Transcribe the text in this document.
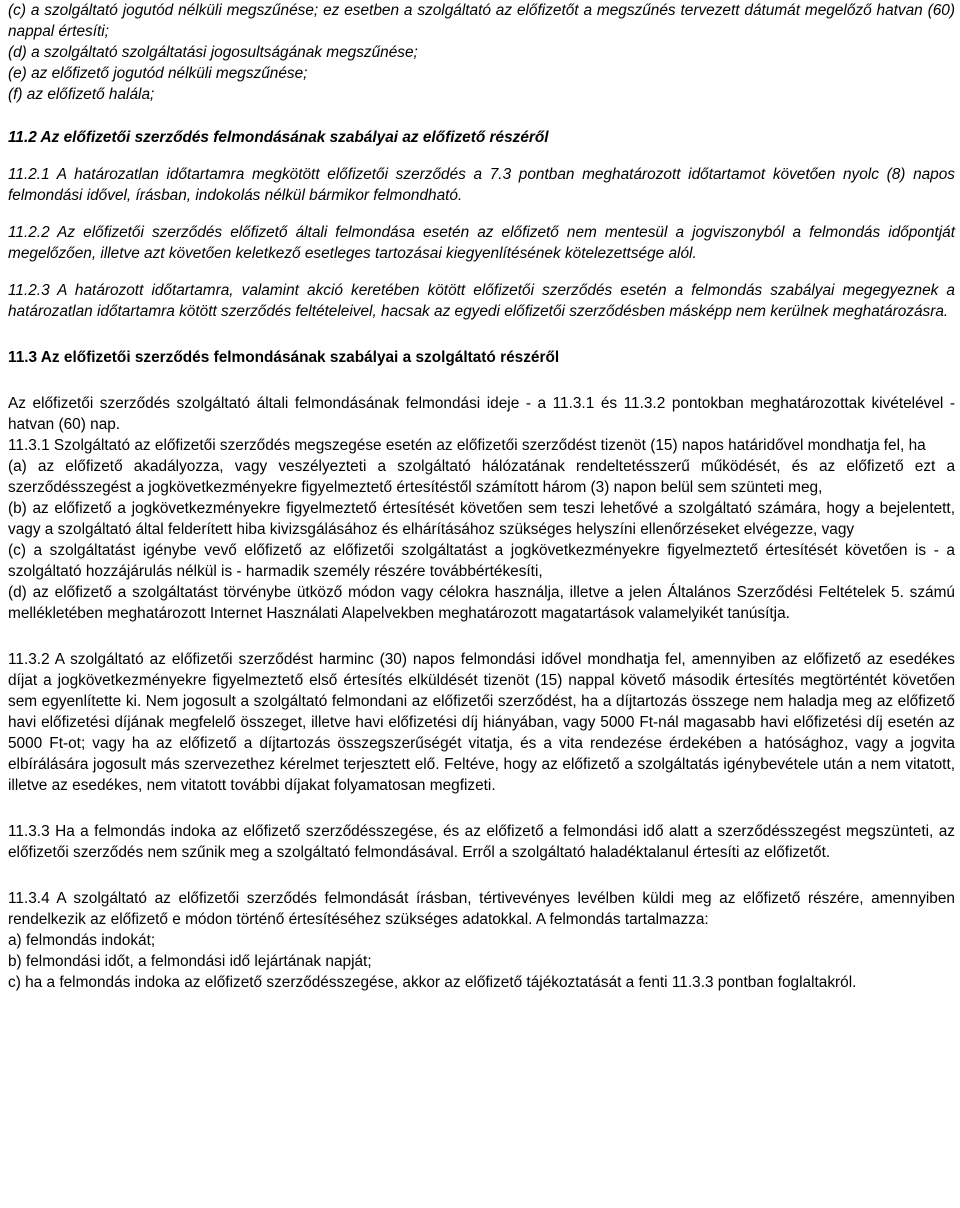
(c) a szolgáltató jogutód nélküli megszűnése; ez esetben a szolgáltató az előfizetőt a megszűnés tervezett dátumát megelőző hatvan (60) nappal értesíti;

(d) a szolgáltató szolgáltatási jogosultságának megszűnése;

(e) az előfizető jogutód nélküli megszűnése;

(f) az előfizető halála;

11.2 Az előfizetői szerződés felmondásának szabályai az előfizető részéről

11.2.1 A határozatlan időtartamra megkötött előfizetői szerződés a 7.3 pontban meghatározott időtartamot követően nyolc (8) napos felmondási idővel, írásban, indokolás nélkül bármikor felmondható.

11.2.2 Az előfizetői szerződés előfizető általi felmondása esetén az előfizető nem mentesül a jogviszonyból a felmondás időpontját megelőzően, illetve azt követően keletkező esetleges tartozásai kiegyenlítésének kötelezettsége alól.

11.2.3 A határozott időtartamra, valamint akció keretében kötött előfizetői szerződés esetén a felmondás szabályai megegyeznek a határozatlan időtartamra kötött szerződés feltételeivel, hacsak az egyedi előfizetői szerződésben másképp nem kerülnek meghatározásra.

11.3 Az előfizetői szerződés felmondásának szabályai a szolgáltató részéről

Az előfizetői szerződés szolgáltató általi felmondásának felmondási ideje - a 11.3.1 és 11.3.2 pontokban meghatározottak kivételével - hatvan (60) nap.

11.3.1 Szolgáltató az előfizetői szerződés megszegése esetén az előfizetői szerződést tizenöt (15) napos határidővel mondhatja fel, ha
(a) az előfizető akadályozza, vagy veszélyezteti a szolgáltató hálózatának rendeltetésszerű működését, és az előfizető ezt a szerződésszegést a jogkövetkezményekre figyelmeztető értesítéstől számított három (3) napon belül sem szünteti meg,
(b) az előfizető a jogkövetkezményekre figyelmeztető értesítését követően sem teszi lehetővé a szolgáltató számára, hogy a bejelentett, vagy a szolgáltató által felderített hiba kivizsgálásához és elhárításához szükséges helyszíni ellenőrzéseket elvégezze, vagy
(c) a szolgáltatást igénybe vevő előfizető az előfizetői szolgáltatást a jogkövetkezményekre figyelmeztető értesítését követően is - a szolgáltató hozzájárulás nélkül is - harmadik személy részére továbbértékesíti,
(d) az előfizető a szolgáltatást törvénybe ütköző módon vagy célokra használja, illetve a jelen Általános Szerződési Feltételek 5. számú mellékletében meghatározott Internet Használati Alapelvekben meghatározott magatartások valamelyikét tanúsítja.

11.3.2 A szolgáltató az előfizetői szerződést harminc (30) napos felmondási idővel mondhatja fel, amennyiben az előfizető az esedékes díjat a jogkövetkezményekre figyelmeztető első értesítés elküldését tizenöt (15) nappal követő második értesítés megtörténtét követően sem egyenlítette ki. Nem jogosult a szolgáltató felmondani az előfizetői szerződést, ha a díjtartozás összege nem haladja meg az előfizető havi előfizetési díjának megfelelő összeget, illetve havi előfizetési díj hiányában, vagy 5000 Ft-nál magasabb havi előfizetési díj esetén az 5000 Ft-ot; vagy ha az előfizető a díjtartozás összegszerűségét vitatja, és a vita rendezése érdekében a hatósághoz, vagy a jogvita elbírálására jogosult más szervezethez kérelmet terjesztett elő. Feltéve, hogy az előfizető a szolgáltatás igénybevétele után a nem vitatott, illetve az esedékes, nem vitatott további díjakat folyamatosan megfizeti.

11.3.3 Ha a felmondás indoka az előfizető szerződésszegése, és az előfizető a felmondási idő alatt a szerződésszegést megszünteti, az előfizetői szerződés nem szűnik meg a szolgáltató felmondásával. Erről a szolgáltató haladéktalanul értesíti az előfizetőt.

11.3.4 A szolgáltató az előfizetői szerződés felmondását írásban, tértivevényes levélben küldi meg az előfizető részére, amennyiben rendelkezik az előfizető e módon történő értesítéséhez szükséges adatokkal. A felmondás tartalmazza:
a) felmondás indokát;
b) felmondási időt, a felmondási idő lejártának napját;
c) ha a felmondás indoka az előfizető szerződésszegése, akkor az előfizető tájékoztatását a fenti 11.3.3 pontban foglaltakról.
